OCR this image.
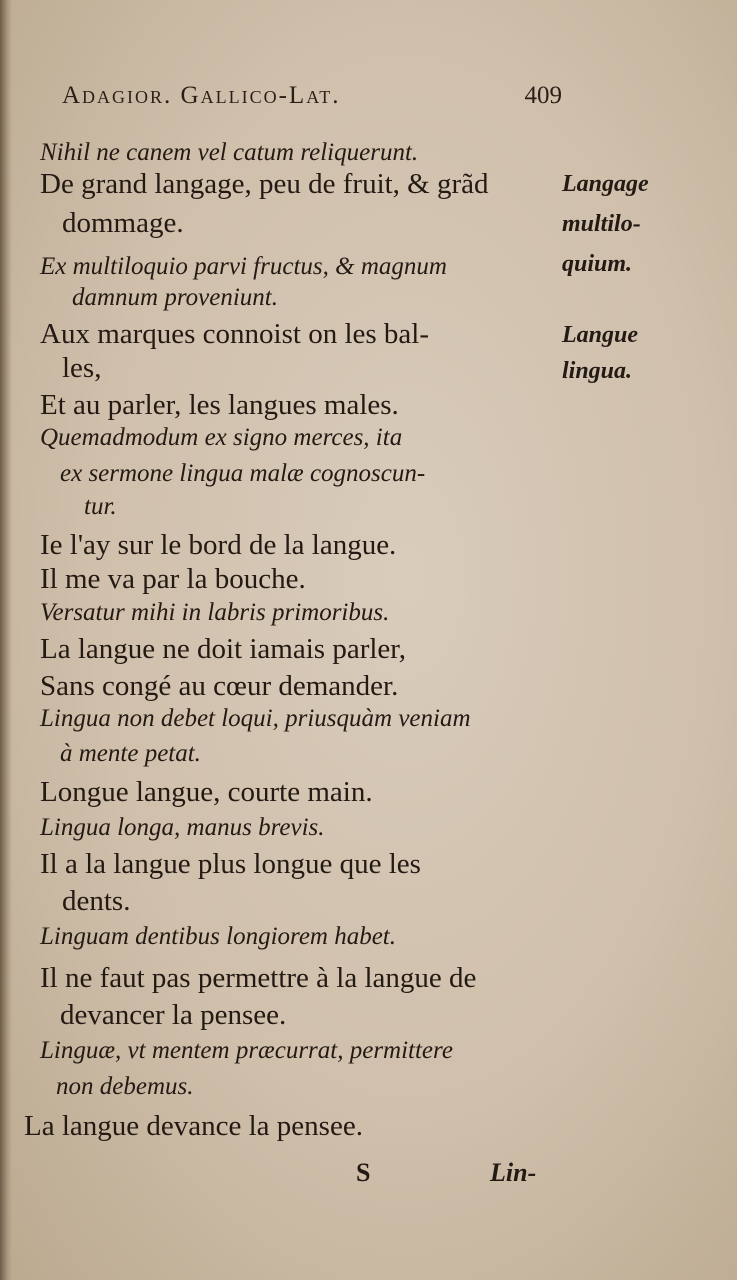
Adagior. Gallico-Lat.	409
Nihil ne canem vel catum reliquerunt.
De grand langage, peu de fruit, & grãd
dommage.
Ex multiloquio parvi fructus, & magnum
damnum proveniunt.
Aux marques connoist on les bal-
les,
Et au parler, les langues males.
Quemadmodum ex signo merces, ita
ex sermone lingua malæ cognoscun-
tur.
Ie l'ay sur le bord de la langue.
Il me va par la bouche.
Versatur mihi in labris primoribus.
La langue ne doit iamais parler,
Sans congé au cœur demander.
Lingua non debet loqui, priusquàm veniam
à mente petat.
Longue langue, courte main.
Lingua longa, manus brevis.
Il a la langue plus longue que les
dents.
Linguam dentibus longiorem habet.
Il ne faut pas permettre à la langue de
devancer la pensee.
Linguæ, vt mentem præcurrat, permittere
non debemus.
La langue devance la pensee.
Langage
multilo-
quium.
Langue
lingua.
S	Lin-
